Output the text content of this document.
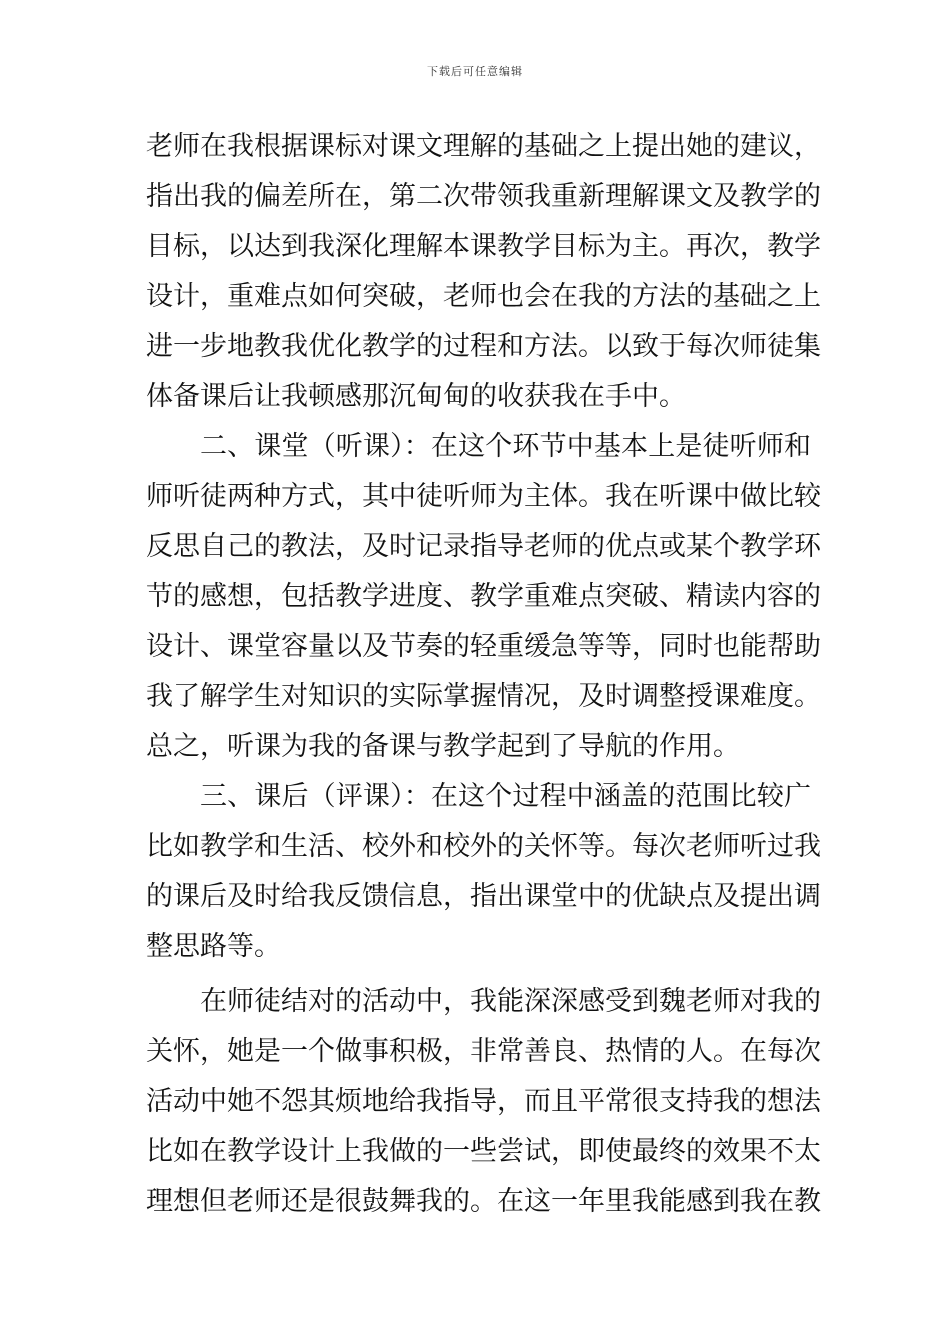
下载后可任意编辑
老师在我根据课标对课文理解的基础之上提出她的建议，
指出我的偏差所在，第二次带领我重新理解课文及教学的
目标，以达到我深化理解本课教学目标为主。再次，教学
设计，重难点如何突破，老师也会在我的方法的基础之上
进一步地教我优化教学的过程和方法。以致于每次师徒集
体备课后让我顿感那沉甸甸的收获我在手中。
二、课堂（听课）：在这个环节中基本上是徒听师和
师听徒两种方式，其中徒听师为主体。我在听课中做比较
反思自己的教法，及时记录指导老师的优点或某个教学环
节的感想，包括教学进度、教学重难点突破、精读内容的
设计、课堂容量以及节奏的轻重缓急等等，同时也能帮助
我了解学生对知识的实际掌握情况，及时调整授课难度。
总之，听课为我的备课与教学起到了导航的作用。
三、课后（评课）：在这个过程中涵盖的范围比较广
比如教学和生活、校外和校外的关怀等。每次老师听过我
的课后及时给我反馈信息，指出课堂中的优缺点及提出调
整思路等。
在师徒结对的活动中，我能深深感受到魏老师对我的
关怀，她是一个做事积极，非常善良、热情的人。在每次
活动中她不怨其烦地给我指导，而且平常很支持我的想法
比如在教学设计上我做的一些尝试，即使最终的效果不太
理想但老师还是很鼓舞我的。在这一年里我能感到我在教
